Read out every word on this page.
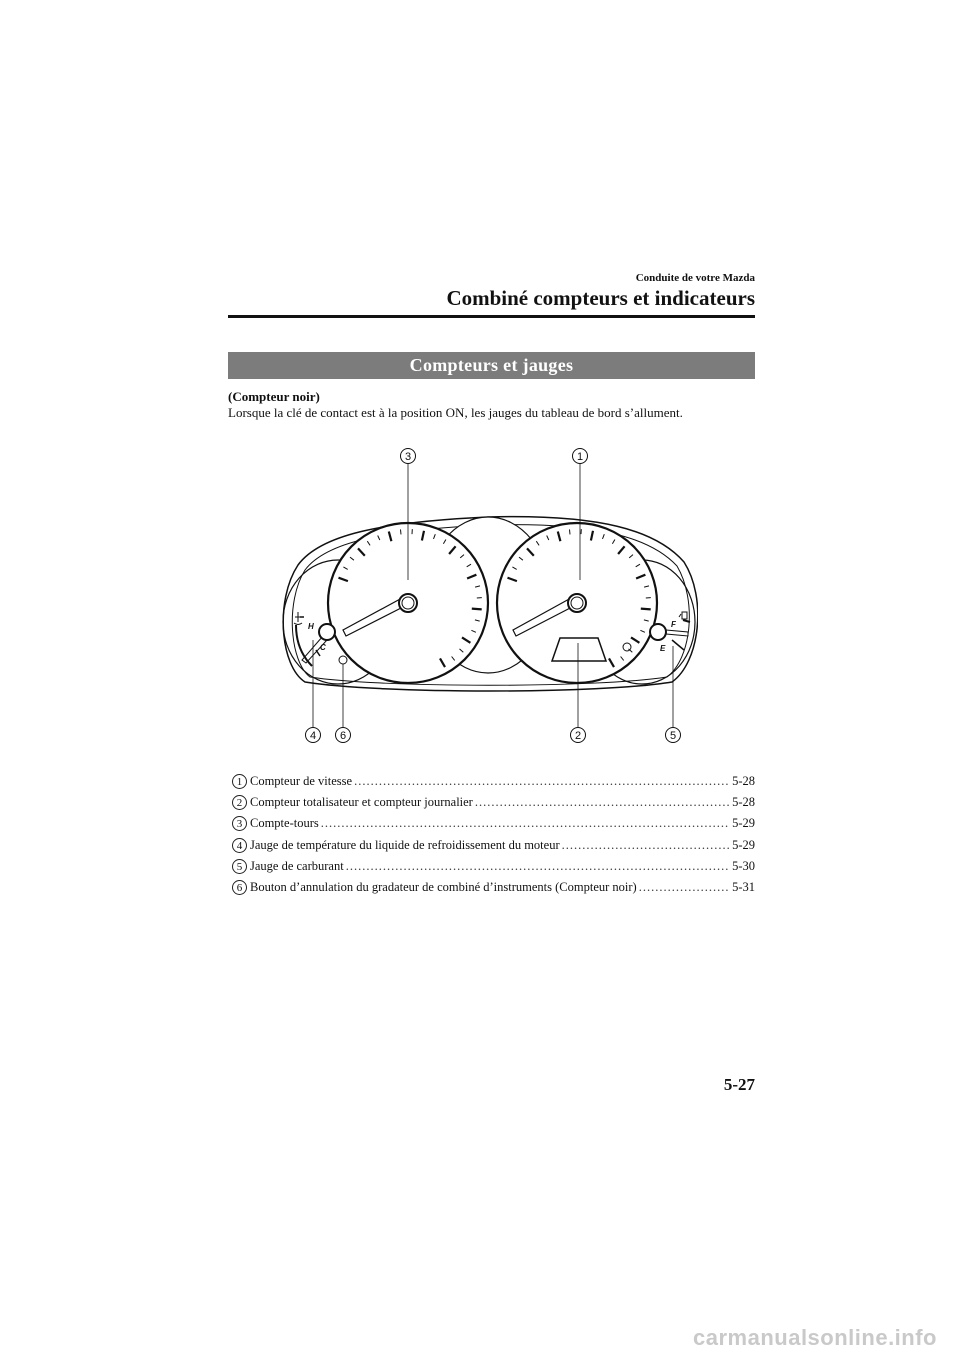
Conduite de votre Mazda
Combiné compteurs et indicateurs
Compteurs et jauges
(Compteur noir)
Lorsque la clé de contact est à la position ON, les jauges du tableau de bord s’allument.
H
C
F
E
3	1
4 6	2	5
1 Compteur de vitesse .....	5-28
2 Compteur totalisateur et compteur journalier .....	5-28
3 Compte-tours .....	5-29
4 Jauge de température du liquide de refroidissement du moteur .....	5-29
5 Jauge de carburant .....	5-30
6 Bouton d’annulation du gradateur de combiné d’instruments (Compteur noir) .....	5-31
5-27
carmanualsonline.info
